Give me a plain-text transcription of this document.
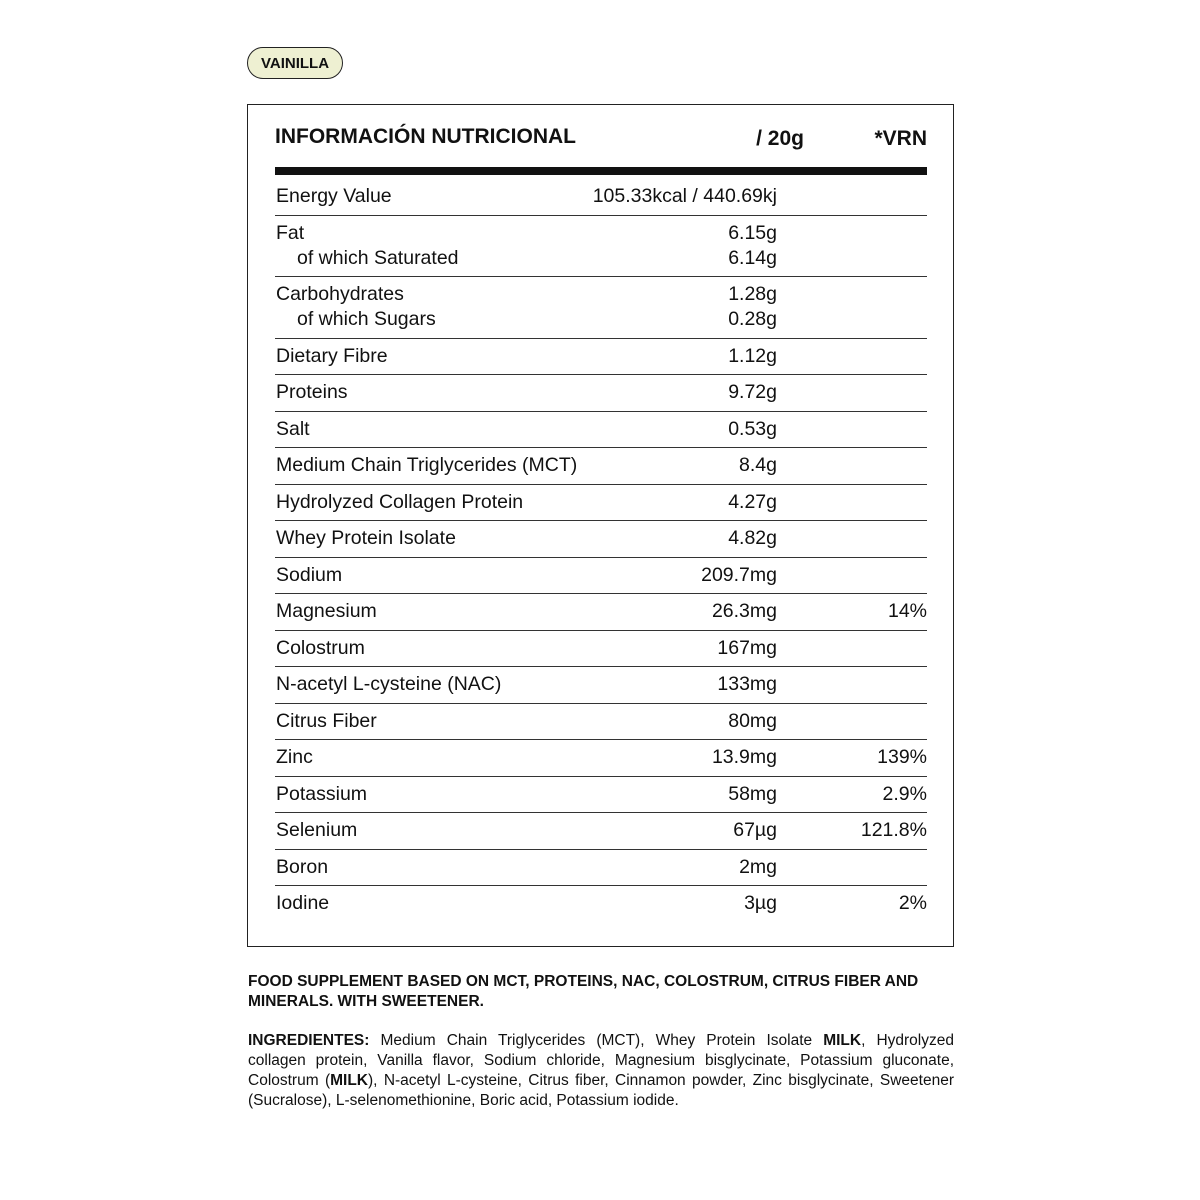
VAINILLA
INFORMACIÓN NUTRICIONAL	/ 20g	*VRN
Energy Value	105.33kcal / 440.69kj
Fat	6.15g
of which Saturated	6.14g
Carbohydrates	1.28g
of which Sugars	0.28g
Dietary Fibre	1.12g
Proteins	9.72g
Salt	0.53g
Medium Chain Triglycerides (MCT)	8.4g
Hydrolyzed Collagen Protein	4.27g
Whey Protein Isolate	4.82g
Sodium	209.7mg
Magnesium	26.3mg	14%
Colostrum	167mg
N-acetyl L-cysteine (NAC)	133mg
Citrus Fiber	80mg
Zinc	13.9mg	139%
Potassium	58mg	2.9%
Selenium	67µg	121.8%
Boron	2mg
Iodine	3µg	2%
FOOD SUPPLEMENT BASED ON MCT, PROTEINS, NAC, COLOSTRUM, CITRUS FIBER AND MINERALS. WITH SWEETENER.
INGREDIENTES: Medium Chain Triglycerides (MCT), Whey Protein Isolate MILK, Hydrolyzed collagen protein, Vanilla flavor, Sodium chloride, Magnesium bisglycinate, Potassium gluconate, Colostrum (MILK), N-acetyl L-cysteine, Citrus fiber, Cinnamon powder, Zinc bisglycinate, Sweetener (Sucralose), L-selenomethionine, Boric acid, Potassium iodide.
